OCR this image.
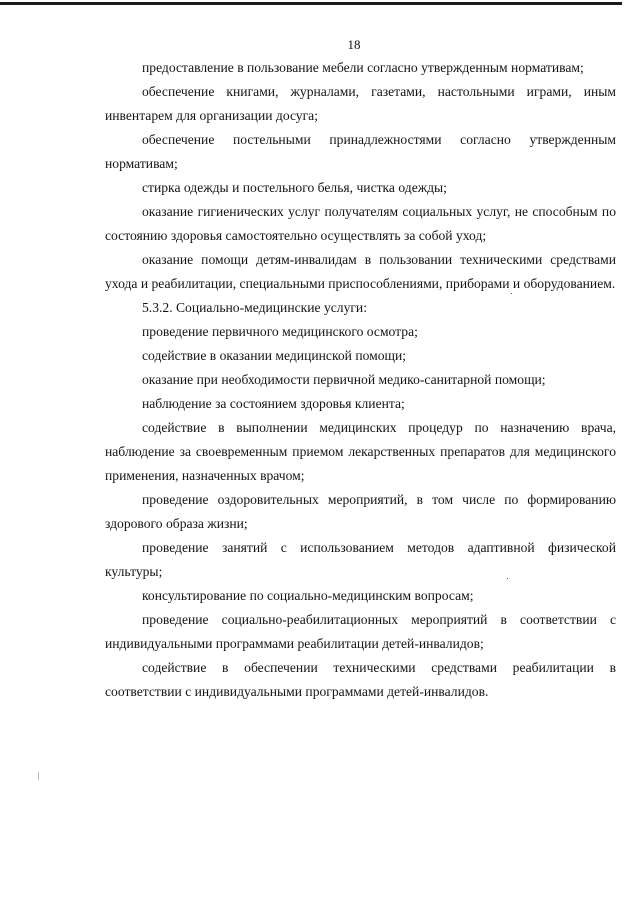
18

предоставление в пользование мебели согласно утвержденным нормативам;

обеспечение книгами, журналами, газетами, настольными играми, иным инвентарем для организации досуга;

обеспечение постельными принадлежностями согласно утвержденным нормативам;

стирка одежды и постельного белья, чистка одежды;

оказание гигиенических услуг получателям социальных услуг, не способным по состоянию здоровья самостоятельно осуществлять за собой уход;

оказание помощи детям-инвалидам в пользовании техническими средствами ухода и реабилитации, специальными приспособлениями, приборами и оборудованием.

5.3.2. Социально-медицинские услуги:

проведение первичного медицинского осмотра;

содействие в оказании медицинской помощи;

оказание при необходимости первичной медико-санитарной помощи;

наблюдение за состоянием здоровья клиента;

содействие в выполнении медицинских процедур по назначению врача, наблюдение за своевременным приемом лекарственных препаратов для медицинского применения, назначенных врачом;

проведение оздоровительных мероприятий, в том числе по формированию здорового образа жизни;

проведение занятий с использованием методов адаптивной физической культуры;

консультирование по социально-медицинским вопросам;

проведение социально-реабилитационных мероприятий в соответствии с индивидуальными программами реабилитации детей-инвалидов;

содействие в обеспечении техническими средствами реабилитации в соответствии с индивидуальными программами детей-инвалидов.
